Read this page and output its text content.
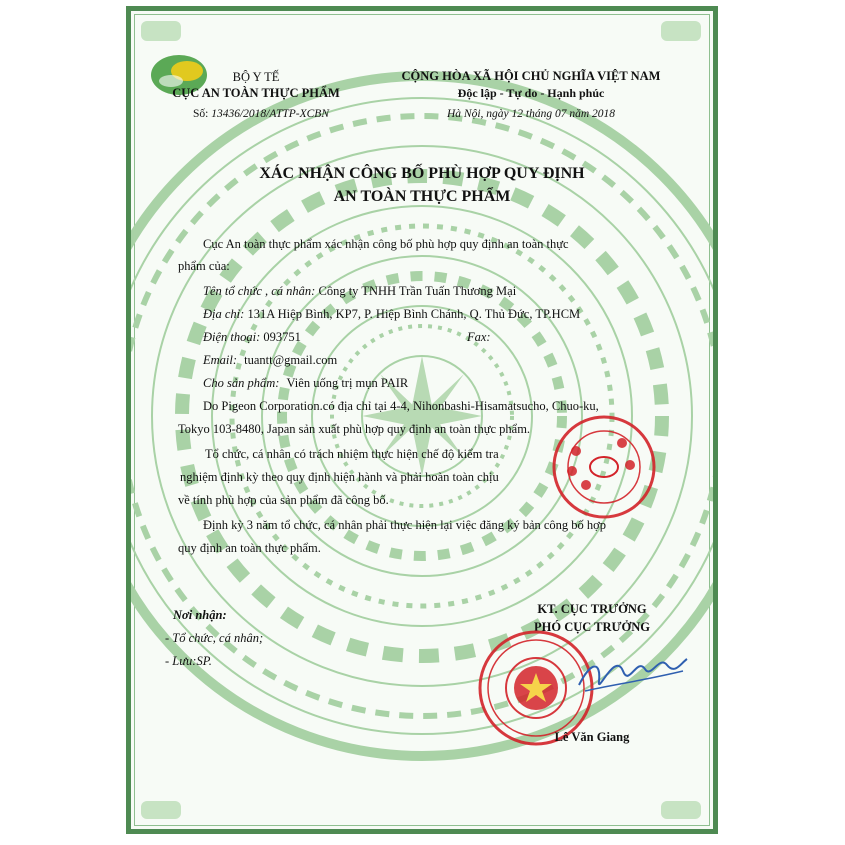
BỘ Y TẾ
CỤC AN TOÀN THỰC PHẨM
Số: 13436/2018/ATTP-XCBN
CỘNG HÒA XÃ HỘI CHỦ NGHĨA VIỆT NAM
Độc lập - Tự do - Hạnh phúc
Hà Nội, ngày 12 tháng 07 năm 2018
XÁC NHẬN CÔNG BỐ PHÙ HỢP QUY ĐỊNH
AN TOÀN THỰC PHẨM
Cục An toàn thực phẩm xác nhận công bố phù hợp quy định an toàn thực
phẩm của:
Tên tổ chức , cá nhân: Công ty TNHH Trần Tuấn Thương Mại
Địa chỉ: 131A Hiệp Bình, KP7, P. Hiệp Bình Chánh, Q. Thủ Đức, TP.HCM
Điện thoại: 093751	Fax:
Email: tuantt@gmail.com
Cho sản phẩm: Viên uống trị mụn PAIR
Do Pigeon Corporation.có địa chỉ tại 4-4, Nihonbashi-Hisamatsucho, Chuo-ku,
Tokyo 103-8480, Japan sản xuất phù hợp quy định an toàn thực phẩm.
Tổ chức, cá nhân có trách nhiệm thực hiện chế độ kiểm tra
nghiệm định kỳ theo quy định hiện hành và phải hoàn toàn chịu
về tính phù hợp của sản phẩm đã công bố.
Định kỳ 3 năm tổ chức, cá nhân phải thực hiện lại việc đăng ký bản công bố hợp
quy định an toàn thực phẩm.
Nơi nhận:
- Tổ chức, cá nhân;
- Lưu:SP.
KT. CỤC TRƯỞNG
PHÓ CỤC TRƯỞNG
Lê Văn Giang
